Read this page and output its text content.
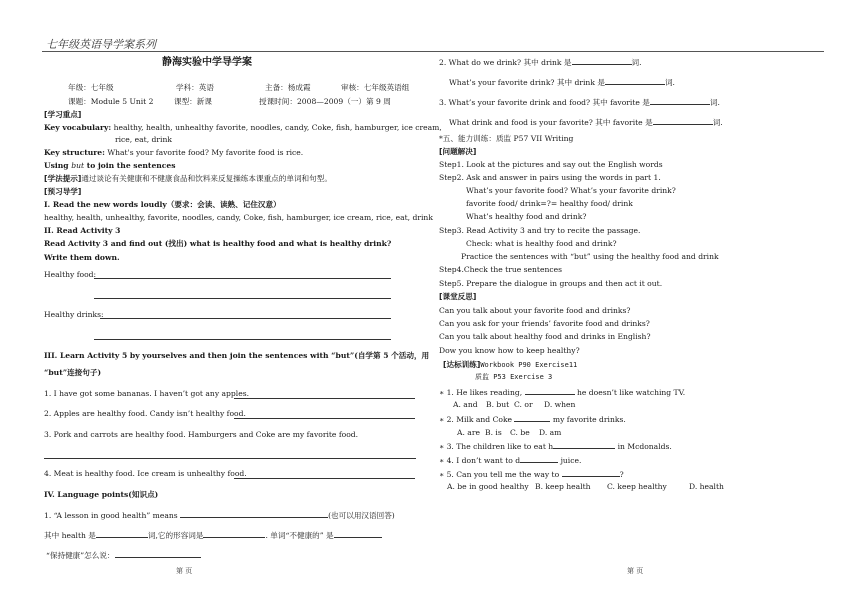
七年级英语导学案系列
静海实验中学导学案
年级：七年级	学科：英语	主备：杨成霞	审核：七年级英语组
课题：Module 5 Unit 2	课型：新课	授课时间：2008—2009（一）第 9 周
[学习重点]
Key vocabulary: healthy, health, unhealthy favorite, noodles, candy, Coke, fish, hamburger, ice cream,
rice, eat, drink
Key structure: What's your favorite food? My favorite food is rice.
Using but to join the sentences
[学法提示]通过谈论有关健康和不健康食品和饮料来反复操练本课重点的单词和句型。
[预习导学]
I. Read the new words loudly（要求：会读、读熟、记住汉意）
healthy, health, unhealthy, favorite, noodles, candy, Coke, fish, hamburger, ice cream, rice, eat, drink
II. Read Activity 3
Read Activity 3 and find out (找出) what is healthy food and what is healthy drink?
Write them down.
Healthy food:
Healthy drinks:
III. Learn Activity 5 by yourselves and then join the sentences with “but”(自学第 5 个活动，用
“but”连接句子)
1. I have got some bananas. I haven’t got any apples.
2. Apples are healthy food. Candy isn’t healthy food.
3. Pork and carrots are healthy food. Hamburgers and Coke are my favorite food.
4. Meat is healthy food. Ice cream is unhealthy food.
IV. Language points(知识点)
1. “A lesson in good health” means	(也可以用汉语回答)
其中 health 是	词,它的形容词是	. 单词“不健康的” 是
“保持健康”怎么说：
第 页
2. What do we drink? 其中 drink 是	词.
What’s your favorite drink? 其中 drink 是	词.
3. What’s your favorite drink and food? 其中 favorite 是	词.
What drink and food is your favorite? 其中 favorite 是	词.
*五、能力训练：质监 P57 VII Writing
[问题解决]
Step1. Look at the pictures and say out the English words
Step2. Ask and answer in pairs using the words in part 1.
What’s your favorite food? What’s your favorite drink?
favorite food/ drink=?= healthy food/ drink
What’s healthy food and drink?
Step3. Read Activity 3 and try to recite the passage.
Check: what is healthy food and drink?
Practice the sentences with “but” using the healthy food and drink
Step4.Check the true sentences
Step5. Prepare the dialogue in groups and then act it out.
[课堂反思]
Can you talk about your favorite food and drinks?
Can you ask for your friends’ favorite food and drinks?
Can you talk about healthy food and drinks in English?
Dow you know how to keep healthy?
[达标训练]Workbook P90 Exercise11
质监 P53 Exercise 3
∗ 1. He likes reading,	he doesn’t like watching TV.
A. and B. but C. or D. when
∗ 2. Milk and Coke	my favorite drinks.
A. are B. is C. be D. am
∗ 3. The children like to eat h	in Mcdonalds.
∗ 4. I don’t want to d	juice.
∗ 5. Can you tell me the way to	?
A. be in good healthy B. keep health C. keep healthy	D. health
第 页
